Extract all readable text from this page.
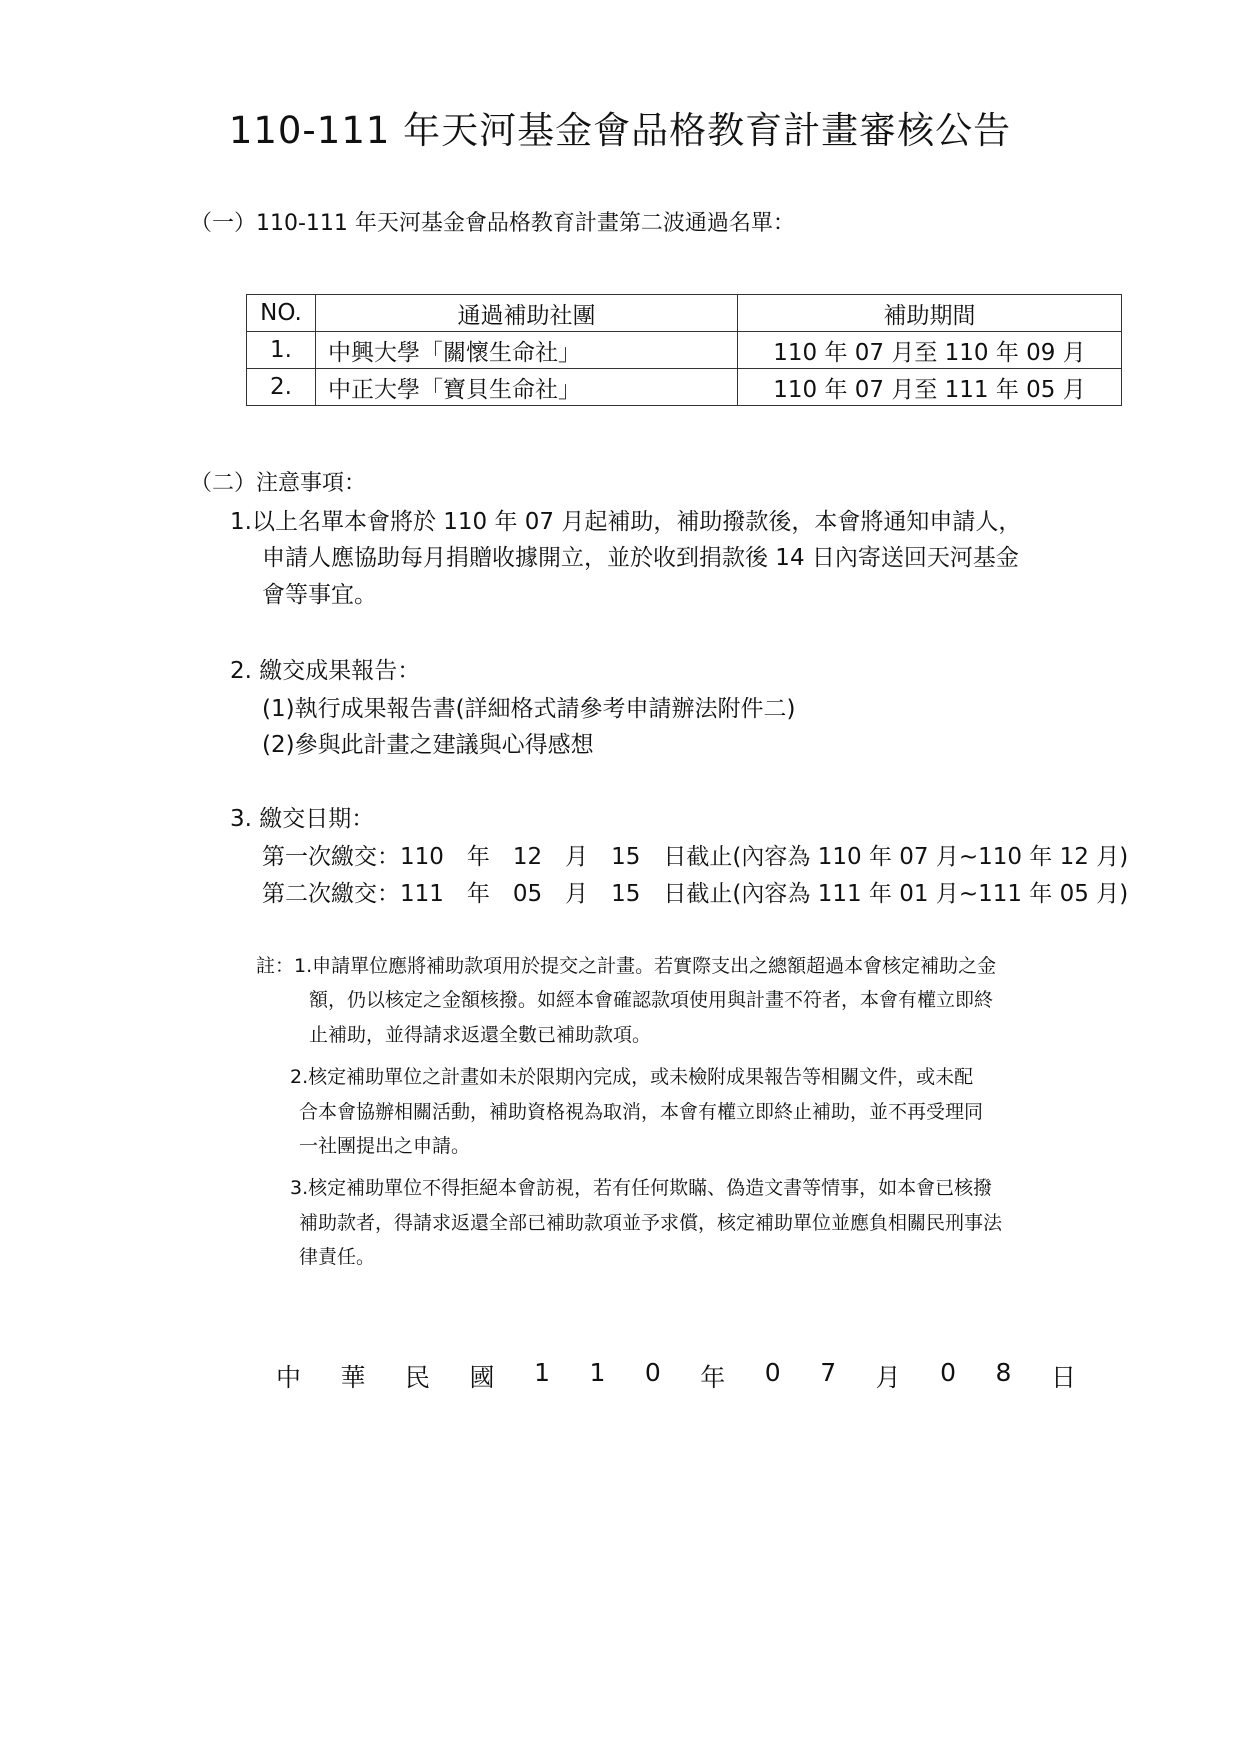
110-111 年天河基金會品格教育計畫審核公告
（一）110-111 年天河基金會品格教育計畫第二波通過名單：
NO.	通過補助社團	補助期間
1.	中興大學「關懷生命社」	110 年 07 月至 110 年 09 月
2.	中正大學「寶貝生命社」	110 年 07 月至 111 年 05 月
（二）注意事項：
1.以上名單本會將於 110 年 07 月起補助，補助撥款後，本會將通知申請人，
申請人應協助每月捐贈收據開立，並於收到捐款後 14 日內寄送回天河基金
會等事宜。
2. 繳交成果報告：
(1)執行成果報告書(詳細格式請參考申請辦法附件二)
(2)參與此計畫之建議與心得感想
3. 繳交日期：
第一次繳交：110　年　12　月　15　日截止(內容為 110 年 07 月~110 年 12 月)
第二次繳交：111　年　05　月　15　日截止(內容為 111 年 01 月~111 年 05 月)
註：1.申請單位應將補助款項用於提交之計畫。若實際支出之總額超過本會核定補助之金
額，仍以核定之金額核撥。如經本會確認款項使用與計畫不符者，本會有權立即終
止補助，並得請求返還全數已補助款項。
2.核定補助單位之計畫如未於限期內完成，或未檢附成果報告等相關文件，或未配
合本會協辦相關活動，補助資格視為取消，本會有權立即終止補助，並不再受理同
一社團提出之申請。
3.核定補助單位不得拒絕本會訪視，若有任何欺瞞、偽造文書等情事，如本會已核撥
補助款者，得請求返還全部已補助款項並予求償，核定補助單位並應負相關民刑事法
律責任。
中 華 民 國 1 1 0 年 0 7 月 0 8 日
